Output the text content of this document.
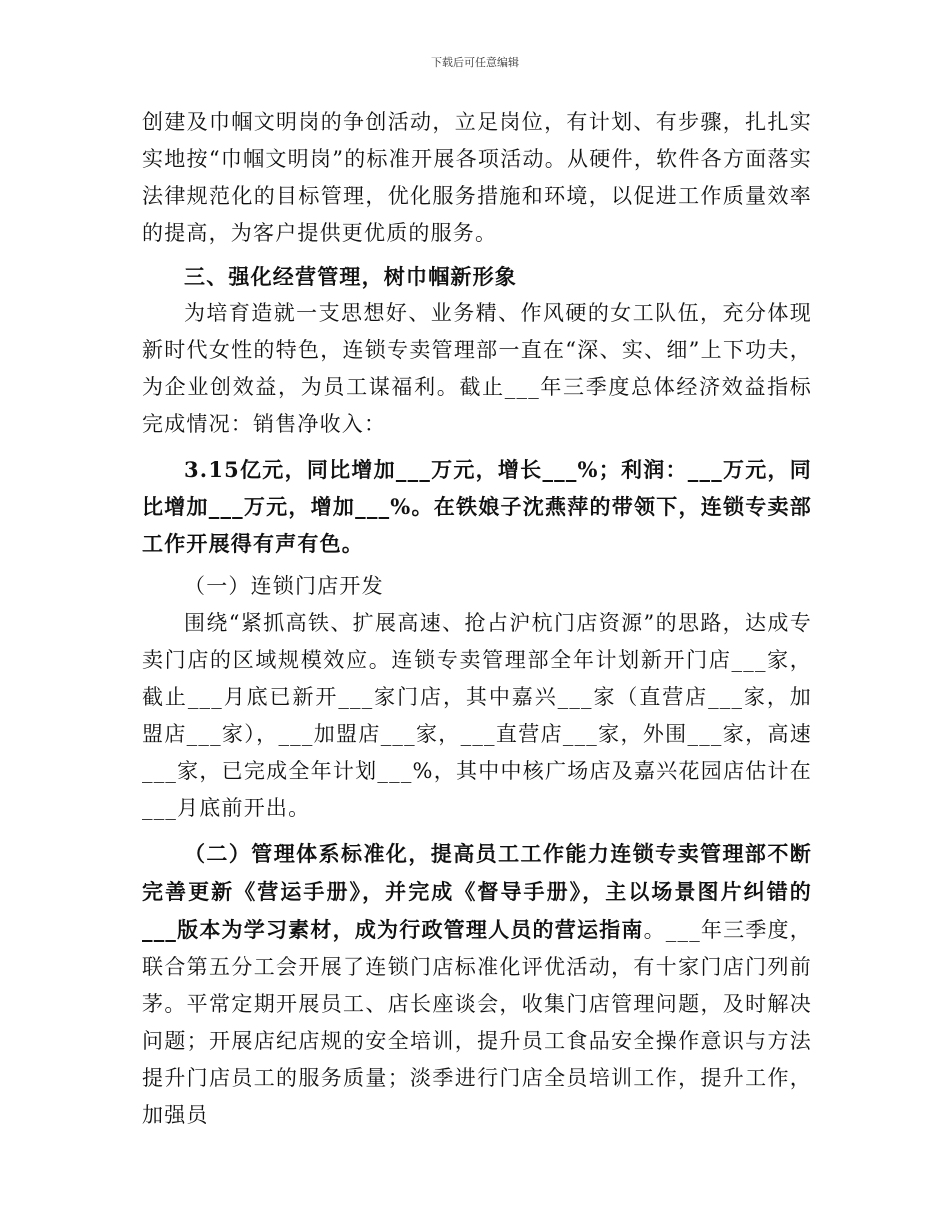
下载后可任意编辑

创建及巾帼文明岗的争创活动，立足岗位，有计划、有步骤，扎扎实实地按“巾帼文明岗”的标准开展各项活动。从硬件，软件各方面落实法律规范化的目标管理，优化服务措施和环境，以促进工作质量效率的提高，为客户提供更优质的服务。

三、强化经营管理，树巾帼新形象

为培育造就一支思想好、业务精、作风硬的女工队伍，充分体现新时代女性的特色，连锁专卖管理部一直在“深、实、细”上下功夫，为企业创效益，为员工谋福利。截止___年三季度总体经济效益指标完成情况：销售净收入：

3.15亿元，同比增加___万元，增长___%；利润：___万元，同比增加___万元，增加___%。在铁娘子沈燕萍的带领下，连锁专卖部工作开展得有声有色。

（一）连锁门店开发

围绕“紧抓高铁、扩展高速、抢占沪杭门店资源”的思路，达成专卖门店的区域规模效应。连锁专卖管理部全年计划新开门店___家，截止___月底已新开___家门店，其中嘉兴___家（直营店___家，加盟店___家），___加盟店___家，___直营店___家，外围___家，高速___家，已完成全年计划___%，其中中核广场店及嘉兴花园店估计在___月底前开出。

（二）管理体系标准化，提高员工工作能力连锁专卖管理部不断完善更新《营运手册》，并完成《督导手册》，主以场景图片纠错的___版本为学习素材，成为行政管理人员的营运指南。___年三季度，联合第五分工会开展了连锁门店标准化评优活动，有十家门店门列前茅。平常定期开展员工、店长座谈会，收集门店管理问题，及时解决问题；开展店纪店规的安全培训，提升员工食品安全操作意识与方法提升门店员工的服务质量；淡季进行门店全员培训工作，提升工作，加强员
